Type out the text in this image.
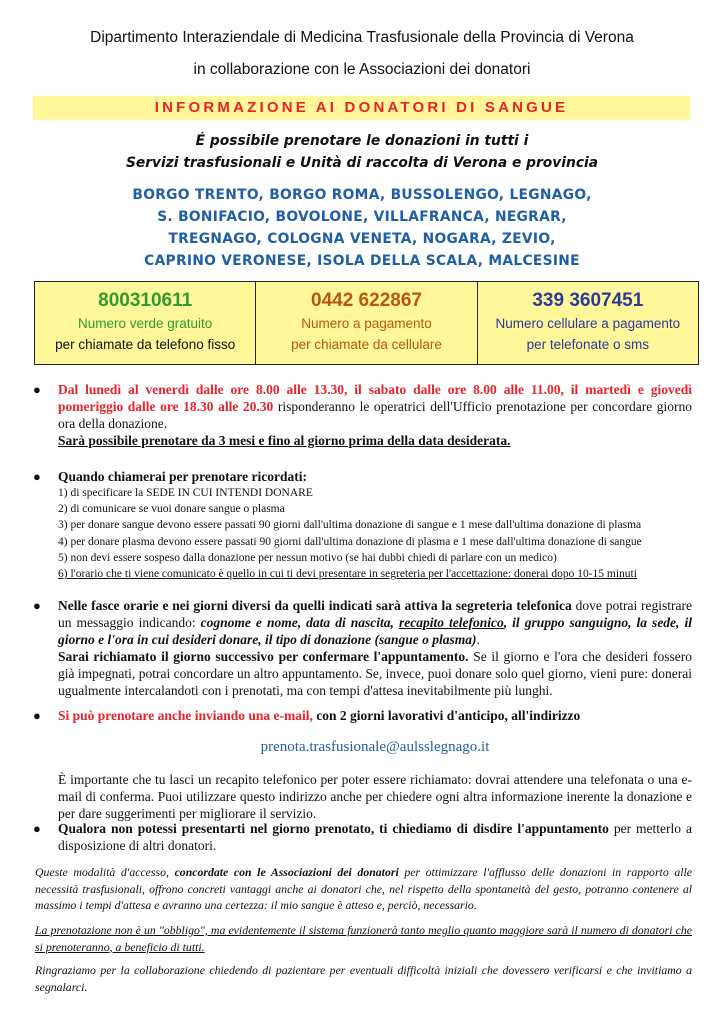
Dipartimento Interaziendale di Medicina Trasfusionale della Provincia di Verona
in collaborazione con le Associazioni dei donatori
INFORMAZIONE AI DONATORI DI SANGUE
É possibile prenotare le donazioni in tutti i
Servizi trasfusionali e Unità di raccolta di Verona e provincia
BORGO TRENTO, BORGO ROMA, BUSSOLENGO, LEGNAGO,
S. BONIFACIO, BOVOLONE, VILLAFRANCA, NEGRAR,
TREGNAGO, COLOGNA VENETA, NOGARA, ZEVIO,
CAPRINO VERONESE, ISOLA DELLA SCALA, MALCESINE
800310611
Numero verde gratuito
per chiamate da telefono fisso
0442 622867
Numero a pagamento
per chiamate da cellulare
339 3607451
Numero cellulare a pagamento
per telefonate o sms
● Dal lunedì al venerdì dalle ore 8.00 alle 13.30, il sabato dalle ore 8.00 alle 11.00, il martedì e giovedì pomeriggio dalle ore 18.30 alle 20.30 risponderanno le operatrici dell'Ufficio prenotazione per concordare giorno ora della donazione.
Sarà possibile prenotare da 3 mesi e fino al giorno prima della data desiderata.
● Quando chiamerai per prenotare ricordati:
1) di specificare la SEDE IN CUI INTENDI DONARE
2) di comunicare se vuoi donare sangue o plasma
3) per donare sangue devono essere passati 90 giorni dall'ultima donazione di sangue e 1 mese dall'ultima donazione di plasma
4) per donare plasma devono essere passati 90 giorni dall'ultima donazione di plasma e 1 mese dall'ultima donazione di sangue
5) non devi essere sospeso dalla donazione per nessun motivo (se hai dubbi chiedi di parlare con un medico)
6) l'orario che ti viene comunicato è quello in cui ti devi presentare in segreteria per l'accettazione: donerai dopo 10-15 minuti
● Nelle fasce orarie e nei giorni diversi da quelli indicati sarà attiva la segreteria telefonica dove potrai registrare un messaggio indicando: cognome e nome, data di nascita, recapito telefonico, il gruppo sanguigno, la sede, il giorno e l'ora in cui desideri donare, il tipo di donazione (sangue o plasma).
Sarai richiamato il giorno successivo per confermare l'appuntamento. Se il giorno e l'ora che desideri fossero già impegnati, potrai concordare un altro appuntamento. Se, invece, puoi donare solo quel giorno, vieni pure: donerai ugualmente intercalandoti con i prenotati, ma con tempi d'attesa inevitabilmente più lunghi.
● Si può prenotare anche inviando una e-mail, con 2 giorni lavorativi d'anticipo, all'indirizzo
prenota.trasfusionale@aulsslegnago.it
È importante che tu lasci un recapito telefonico per poter essere richiamato: dovrai attendere una telefonata o una e-mail di conferma. Puoi utilizzare questo indirizzo anche per chiedere ogni altra informazione inerente la donazione e per dare suggerimenti per migliorare il servizio.
● Qualora non potessi presentarti nel giorno prenotato, ti chiediamo di disdire l'appuntamento per metterlo a disposizione di altri donatori.
Queste modalità d'accesso, concordate con le Associazioni dei donatori per ottimizzare l'afflusso delle donazioni in rapporto alle necessità trasfusionali, offrono concreti vantaggi anche ai donatori che, nel rispetto della spontaneità del gesto, potranno contenere al massimo i tempi d'attesa e avranno una certezza: il mio sangue è atteso e, perciò, necessario.
La prenotazione non è un "obbligo", ma evidentemente il sistema funzionerà tanto meglio quanto maggiore sarà il numero di donatori che si prenoteranno, a beneficio di tutti.
Ringraziamo per la collaborazione chiedendo di pazientare per eventuali difficoltà iniziali che dovessero verificarsi e che invitiamo a segnalarci.
